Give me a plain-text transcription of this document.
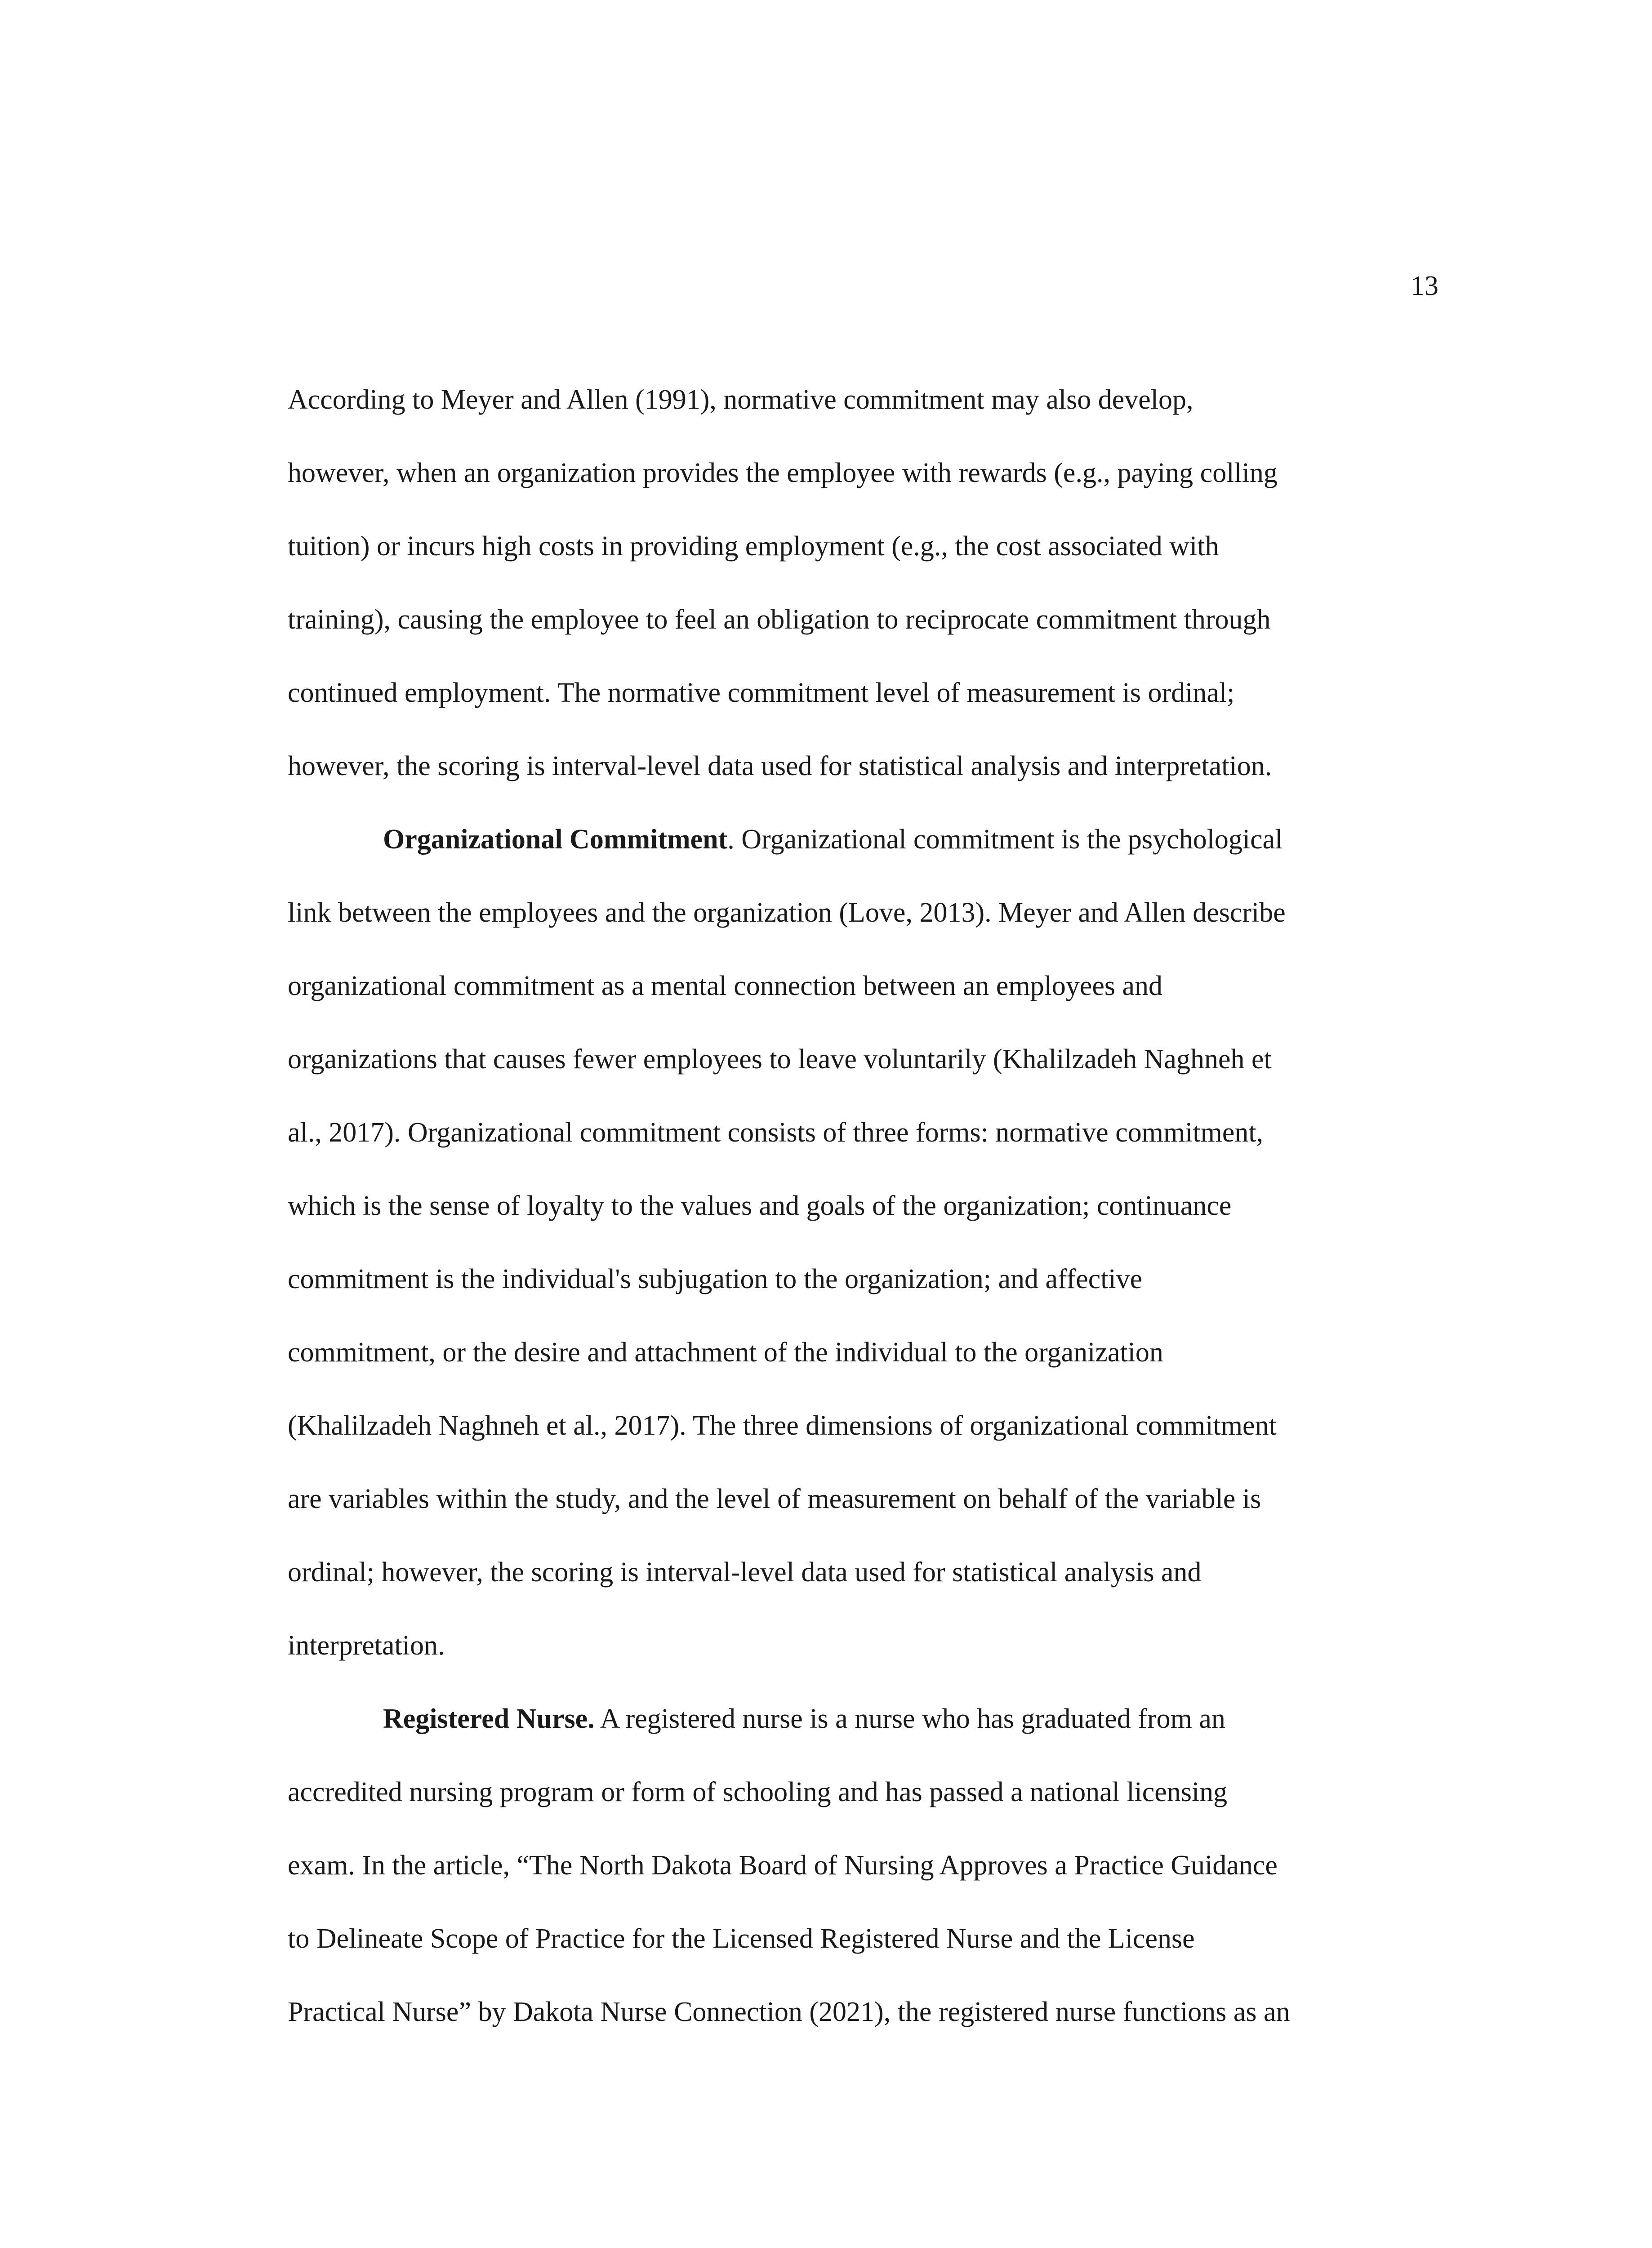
13
According to Meyer and Allen (1991), normative commitment may also develop,
however, when an organization provides the employee with rewards (e.g., paying colling
tuition) or incurs high costs in providing employment (e.g., the cost associated with
training), causing the employee to feel an obligation to reciprocate commitment through
continued employment. The normative commitment level of measurement is ordinal;
however, the scoring is interval-level data used for statistical analysis and interpretation.
Organizational Commitment. Organizational commitment is the psychological
link between the employees and the organization (Love, 2013). Meyer and Allen describe
organizational commitment as a mental connection between an employees and
organizations that causes fewer employees to leave voluntarily (Khalilzadeh Naghneh et
al., 2017). Organizational commitment consists of three forms: normative commitment,
which is the sense of loyalty to the values and goals of the organization; continuance
commitment is the individual's subjugation to the organization; and affective
commitment, or the desire and attachment of the individual to the organization
(Khalilzadeh Naghneh et al., 2017). The three dimensions of organizational commitment
are variables within the study, and the level of measurement on behalf of the variable is
ordinal; however, the scoring is interval-level data used for statistical analysis and
interpretation.
Registered Nurse. A registered nurse is a nurse who has graduated from an
accredited nursing program or form of schooling and has passed a national licensing
exam. In the article, “The North Dakota Board of Nursing Approves a Practice Guidance
to Delineate Scope of Practice for the Licensed Registered Nurse and the License
Practical Nurse” by Dakota Nurse Connection (2021), the registered nurse functions as an
